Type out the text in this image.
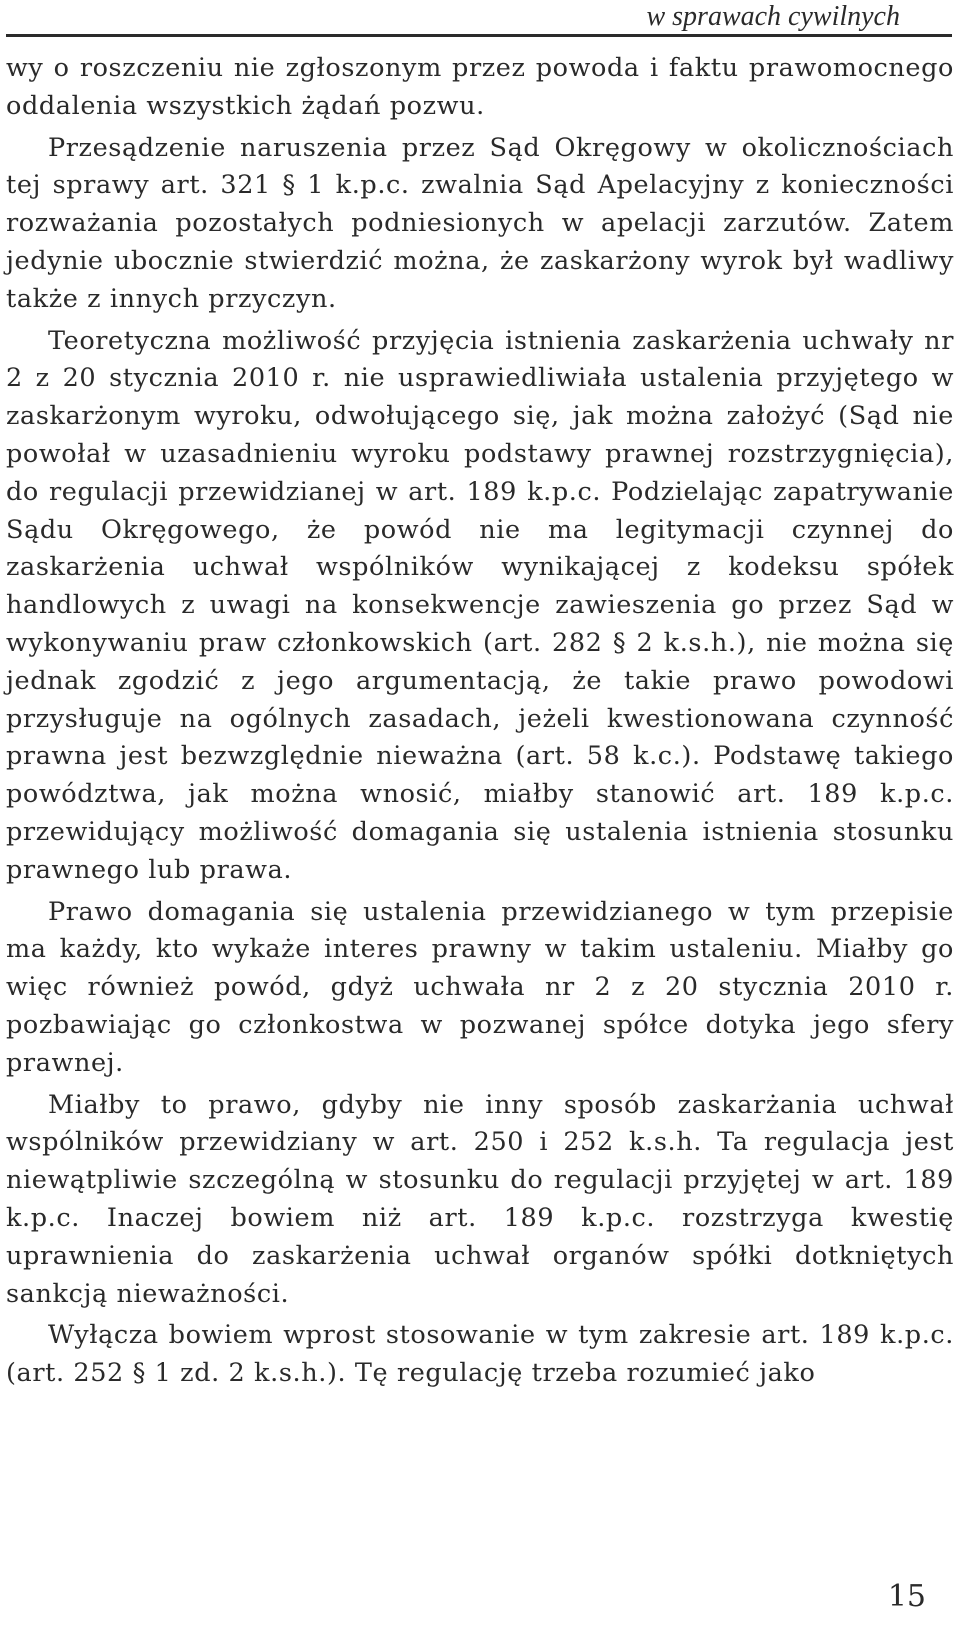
w sprawach cywilnych

wy o roszczeniu nie zgłoszonym przez powoda i faktu prawomocnego oddalenia wszystkich żądań pozwu.

Przesądzenie naruszenia przez Sąd Okręgowy w okolicznościach tej sprawy art. 321 § 1 k.p.c. zwalnia Sąd Apelacyjny z konieczności rozważania pozostałych podniesionych w apelacji zarzutów. Zatem jedynie ubocznie stwierdzić można, że zaskarżony wyrok był wadliwy także z innych przyczyn.

Teoretyczna możliwość przyjęcia istnienia zaskarżenia uchwały nr 2 z 20 stycznia 2010 r. nie usprawiedliwiała ustalenia przyjętego w zaskarżonym wyroku, odwołującego się, jak można założyć (Sąd nie powołał w uzasadnieniu wyroku podstawy prawnej rozstrzygnięcia), do regulacji przewidzianej w art. 189 k.p.c. Podzielając zapatrywanie Sądu Okręgowego, że powód nie ma legitymacji czynnej do zaskarżenia uchwał wspólników wynikającej z kodeksu spółek handlowych z uwagi na konsekwencje zawieszenia go przez Sąd w wykonywaniu praw członkowskich (art. 282 § 2 k.s.h.), nie można się jednak zgodzić z jego argumentacją, że takie prawo powodowi przysługuje na ogólnych zasadach, jeżeli kwestionowana czynność prawna jest bezwzględnie nieważna (art. 58 k.c.). Podstawę takiego powództwa, jak można wnosić, miałby stanowić art. 189 k.p.c. przewidujący możliwość domagania się ustalenia istnienia stosunku prawnego lub prawa.

Prawo domagania się ustalenia przewidzianego w tym przepisie ma każdy, kto wykaże interes prawny w takim ustaleniu. Miałby go więc również powód, gdyż uchwała nr 2 z 20 stycznia 2010 r. pozbawiając go członkostwa w pozwanej spółce dotyka jego sfery prawnej.

Miałby to prawo, gdyby nie inny sposób zaskarżania uchwał wspólników przewidziany w art. 250 i 252 k.s.h. Ta regulacja jest niewątpliwie szczególną w stosunku do regulacji przyjętej w art. 189 k.p.c. Inaczej bowiem niż art. 189 k.p.c. rozstrzyga kwestię uprawnienia do zaskarżenia uchwał organów spółki dotkniętych sankcją nieważności.

Wyłącza bowiem wprost stosowanie w tym zakresie art. 189 k.p.c. (art. 252 § 1 zd. 2 k.s.h.). Tę regulację trzeba rozumieć jako

15
